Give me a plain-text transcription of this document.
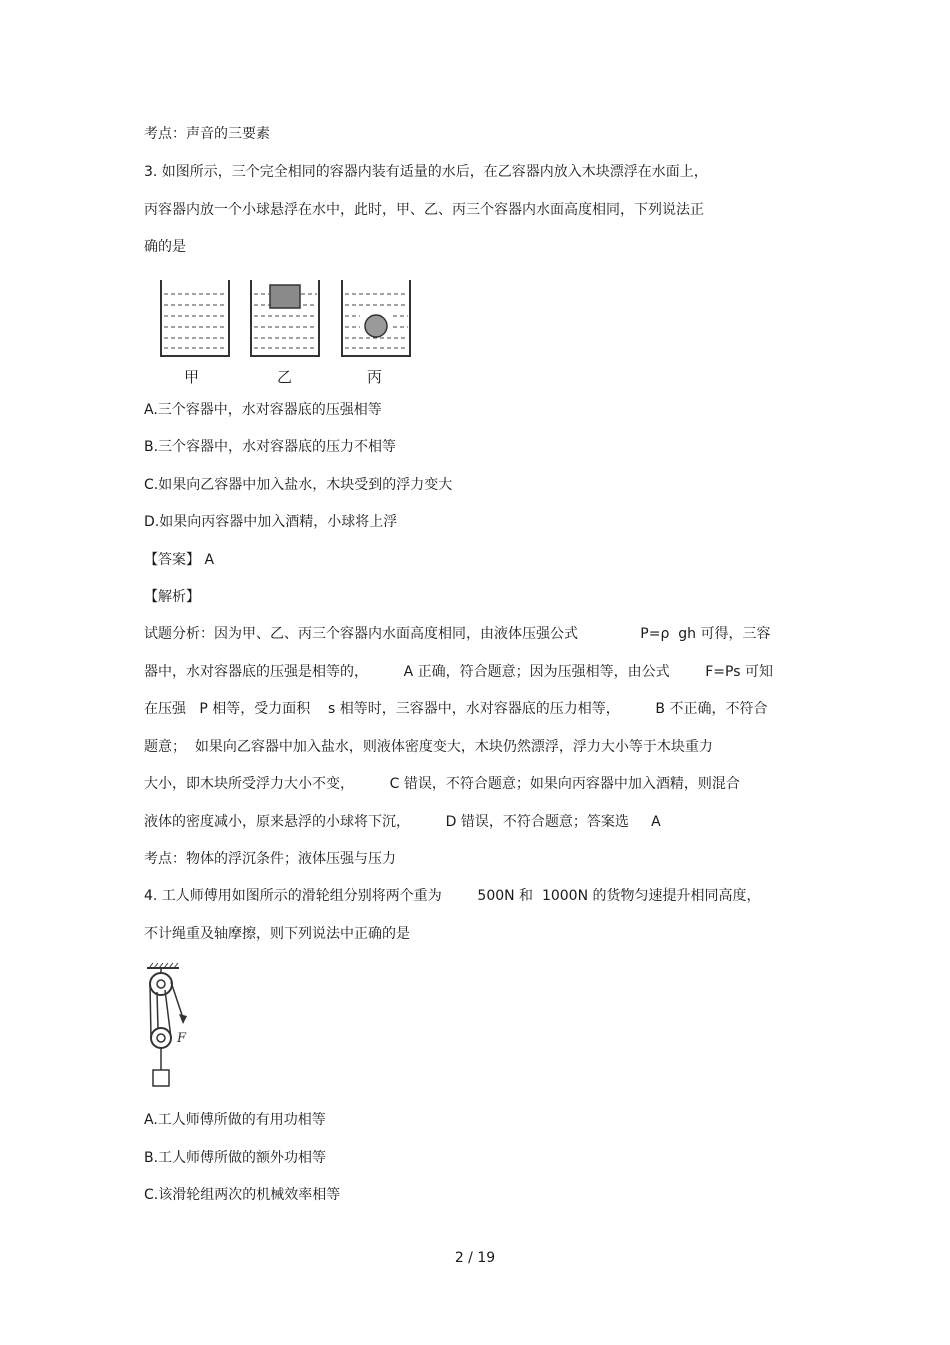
考点：声音的三要素
3. 如图所示，三个完全相同的容器内装有适量的水后，在乙容器内放入木块漂浮在水面上，
丙容器内放一个小球悬浮在水中，此时，甲、乙、丙三个容器内水面高度相同，下列说法正
确的是
甲	乙	丙
A.三个容器中，水对容器底的压强相等
B.三个容器中，水对容器底的压力不相等
C.如果向乙容器中加入盐水，木块受到的浮力变大
D.如果向丙容器中加入酒精，小球将上浮
【答案】 A
【解析】
试题分析：因为甲、乙、丙三个容器内水面高度相同，由液体压强公式              P=ρ  gh 可得，三容
器中，水对容器底的压强是相等的，        A 正确，符合题意；因为压强相等，由公式        F=Ps 可知
在压强   P 相等，受力面积    s 相等时，三容器中，水对容器底的压力相等，        B 不正确，不符合
题意；  如果向乙容器中加入盐水，则液体密度变大，木块仍然漂浮，浮力大小等于木块重力
大小，即木块所受浮力大小不变，        C 错误，不符合题意；如果向丙容器中加入酒精，则混合
液体的密度减小，原来悬浮的小球将下沉，        D 错误，不符合题意；答案选     A
考点：物体的浮沉条件；液体压强与压力
4. 工人师傅用如图所示的滑轮组分别将两个重为        500N 和  1000N 的货物匀速提升相同高度，
不计绳重及轴摩擦，则下列说法中正确的是
F
A.工人师傅所做的有用功相等
B.工人师傅所做的额外功相等
C.该滑轮组两次的机械效率相等
2 / 19
